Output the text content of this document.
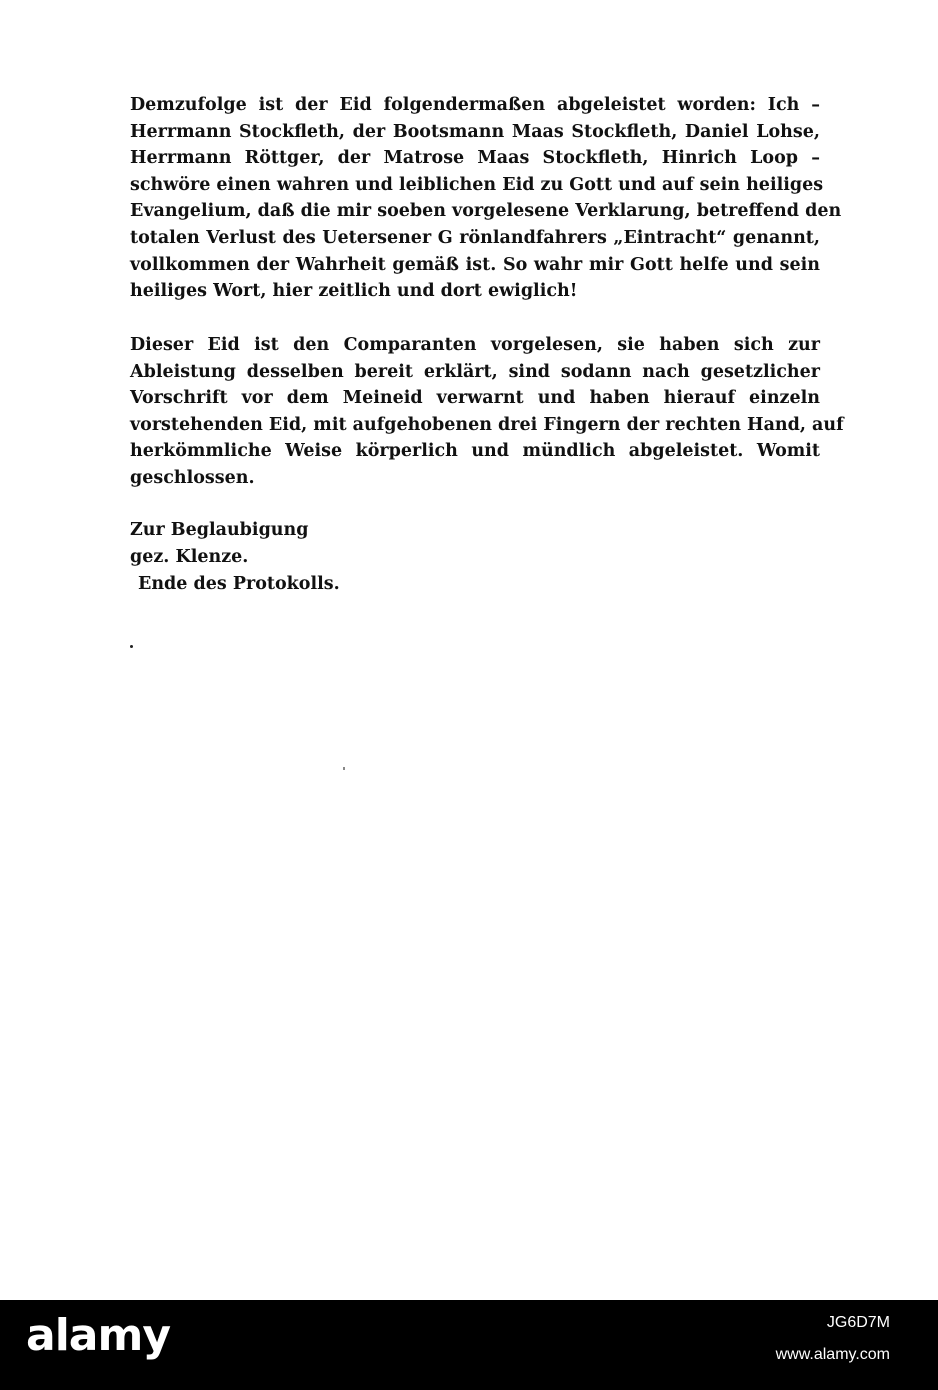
Demzufolge ist der Eid folgendermaßen abgeleistet worden: Ich –
Herrmann Stockfleth, der Bootsmann Maas Stockfleth, Daniel Lohse,
Herrmann Röttger, der Matrose Maas Stockfleth, Hinrich Loop –
schwöre einen wahren und leiblichen Eid zu Gott und auf sein heiliges
Evangelium, daß die mir soeben vorgelesene Verklarung, betreffend den
totalen Verlust des Uetersener G rönlandfahrers „Eintracht“ genannt,
vollkommen der Wahrheit gemäß ist. So wahr mir Gott helfe und sein
heiliges Wort, hier zeitlich und dort ewiglich!
Dieser Eid ist den Comparanten vorgelesen, sie haben sich zur
Ableistung desselben bereit erklärt, sind sodann nach gesetzlicher
Vorschrift vor dem Meineid verwarnt und haben hierauf einzeln
vorstehenden Eid, mit aufgehobenen drei Fingern der rechten Hand, auf
herkömmliche Weise körperlich und mündlich abgeleistet. Womit
geschlossen.
Zur Beglaubigung
gez. Klenze.
Ende des Protokolls.
alamy	JG6D7M
www.alamy.com
